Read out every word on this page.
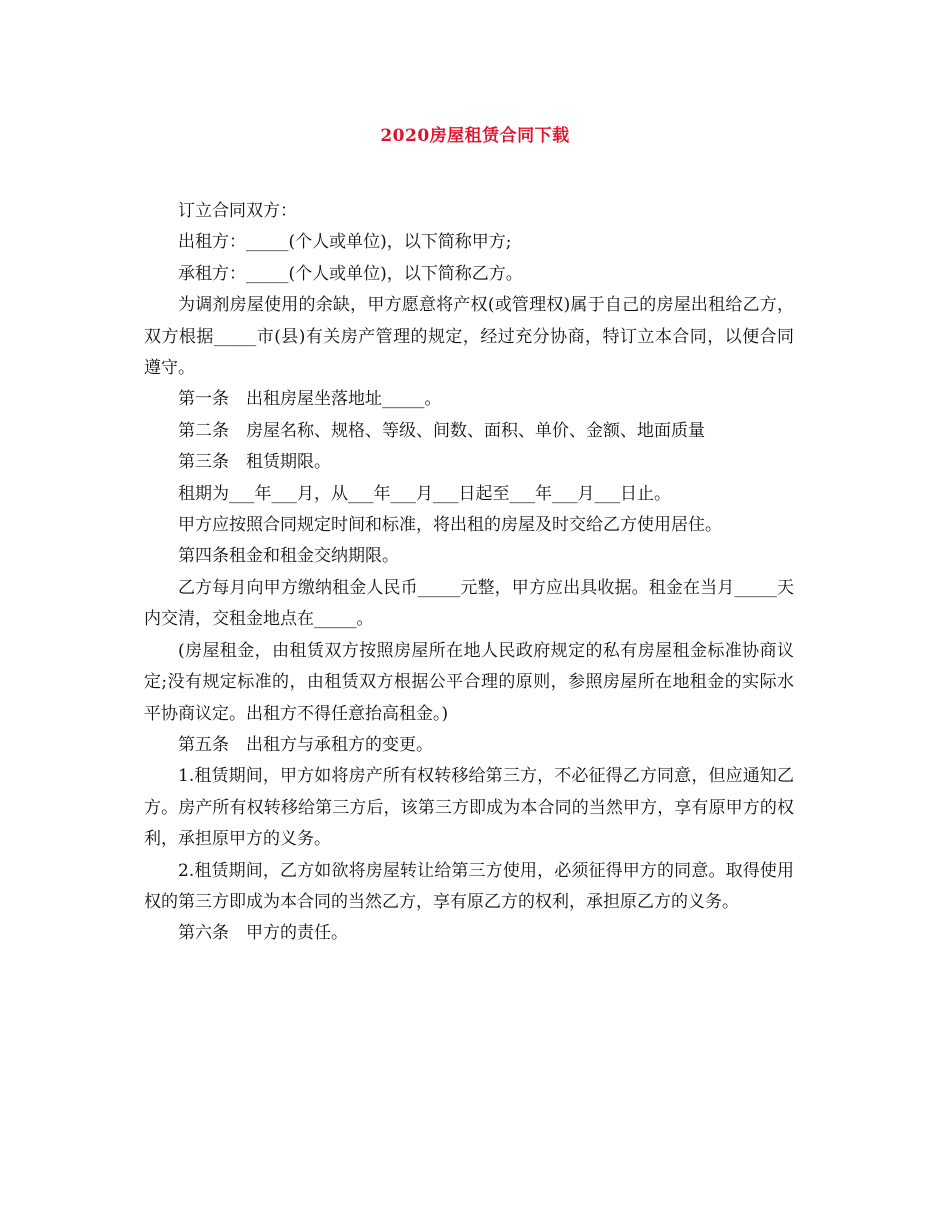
2020房屋租赁合同下载

订立合同双方：

出租方：_____(个人或单位)，以下简称甲方;

承租方：_____(个人或单位)，以下简称乙方。

为调剂房屋使用的余缺，甲方愿意将产权(或管理权)属于自己的房屋出租给乙方，双方根据_____市(县)有关房产管理的规定，经过充分协商，特订立本合同，以便合同遵守。

第一条　出租房屋坐落地址_____。

第二条　房屋名称、规格、等级、间数、面积、单价、金额、地面质量

第三条　租赁期限。

租期为___年___月，从___年___月___日起至___年___月___日止。

甲方应按照合同规定时间和标准，将出租的房屋及时交给乙方使用居住。

第四条租金和租金交纳期限。

乙方每月向甲方缴纳租金人民币_____元整，甲方应出具收据。租金在当月_____天内交清，交租金地点在_____。

(房屋租金，由租赁双方按照房屋所在地人民政府规定的私有房屋租金标准协商议定;没有规定标准的，由租赁双方根据公平合理的原则，参照房屋所在地租金的实际水平协商议定。出租方不得任意抬高租金。)

第五条　出租方与承租方的变更。

1.租赁期间，甲方如将房产所有权转移给第三方，不必征得乙方同意，但应通知乙方。房产所有权转移给第三方后，该第三方即成为本合同的当然甲方，享有原甲方的权利，承担原甲方的义务。

2.租赁期间，乙方如欲将房屋转让给第三方使用，必须征得甲方的同意。取得使用权的第三方即成为本合同的当然乙方，享有原乙方的权利，承担原乙方的义务。

第六条　甲方的责任。
